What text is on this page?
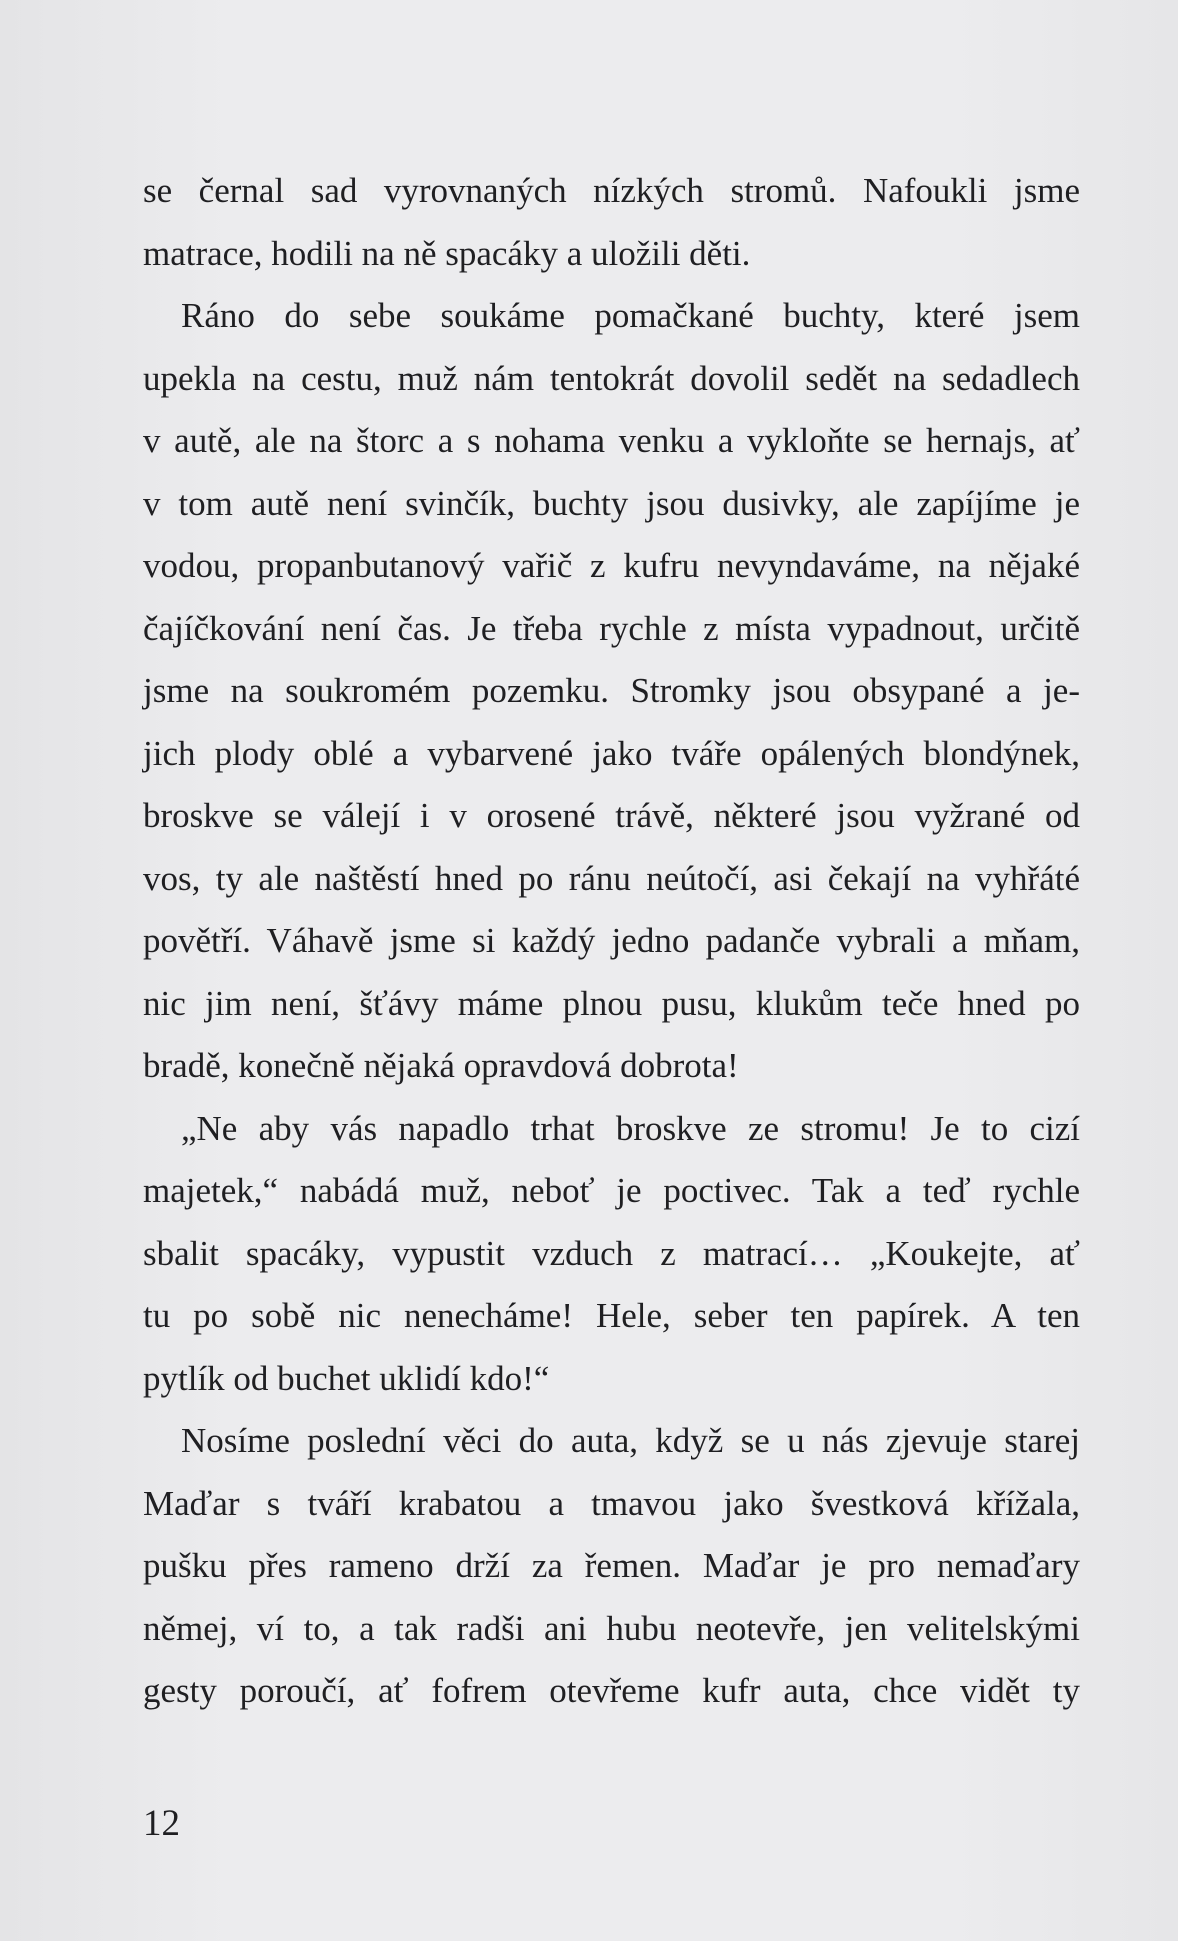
se černal sad vyrovnaných nízkých stromů. Nafoukli jsme
matrace, hodili na ně spacáky a uložili děti.
Ráno do sebe soukáme pomačkané buchty, které jsem
upekla na cestu, muž nám tentokrát dovolil sedět na sedadlech
v autě, ale na štorc a s nohama venku a vykloňte se hernajs, ať
v tom autě není svinčík, buchty jsou dusivky, ale zapíjíme je
vodou, propanbutanový vařič z kufru nevyndaváme, na nějaké
čajíčkování není čas. Je třeba rychle z místa vypadnout, určitě
jsme na soukromém pozemku. Stromky jsou obsypané a je-
jich plody oblé a vybarvené jako tváře opálených blondýnek,
broskve se válejí i v orosené trávě, některé jsou vyžrané od
vos, ty ale naštěstí hned po ránu neútočí, asi čekají na vyhřáté
povětří. Váhavě jsme si každý jedno padanče vybrali a mňam,
nic jim není, šťávy máme plnou pusu, klukům teče hned po
bradě, konečně nějaká opravdová dobrota!
„Ne aby vás napadlo trhat broskve ze stromu! Je to cizí
majetek,“ nabádá muž, neboť je poctivec. Tak a teď rychle
sbalit spacáky, vypustit vzduch z matrací… „Koukejte, ať
tu po sobě nic nenecháme! Hele, seber ten papírek. A ten
pytlík od buchet uklidí kdo!“
Nosíme poslední věci do auta, když se u nás zjevuje starej
Maďar s tváří krabatou a tmavou jako švestková křížala,
pušku přes rameno drží za řemen. Maďar je pro nemaďary
němej, ví to, a tak radši ani hubu neotevře, jen velitelskými
gesty poroučí, ať fofrem otevřeme kufr auta, chce vidět ty
12
